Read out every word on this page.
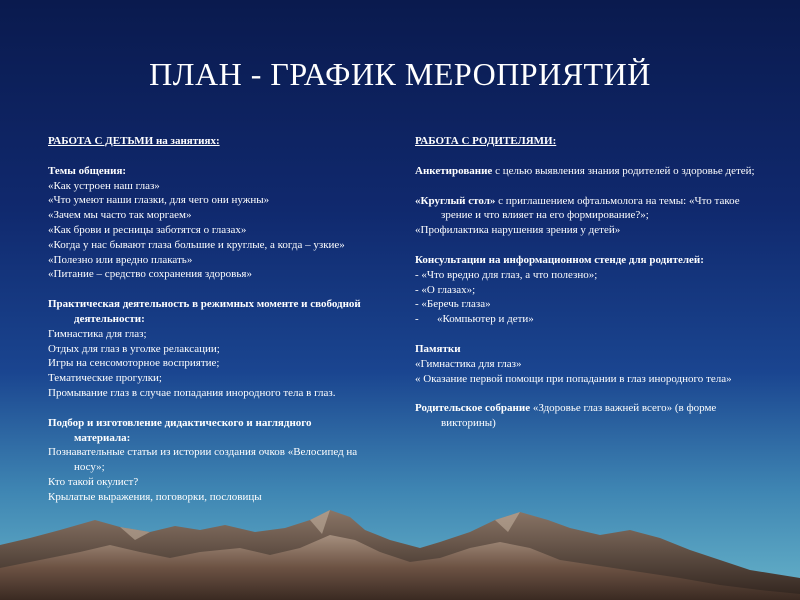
ПЛАН - ГРАФИК МЕРОПРИЯТИЙ

РАБОТА С ДЕТЬМИ на занятиях:

Темы общения:

«Как устроен наш глаз»

«Что умеют наши глазки, для чего они нужны»

«Зачем мы часто так моргаем»

«Как брови и ресницы заботятся о глазах»

«Когда у нас бывают глаза большие и круглые, а когда – узкие»

«Полезно или вредно плакать»

«Питание – средство сохранения здоровья»

Практическая деятельность в режимных моменте и свободной деятельности:

Гимнастика для глаз;

Отдых для глаз в уголке релаксации;

Игры на сенсомоторное восприятие;

Тематические прогулки;

Промывание глаз в случае попадания инородного тела в глаз.

Подбор и изготовление дидактического и наглядного материала:

Познавательные статьи из истории создания очков «Велосипед на носу»;

Кто такой окулист?

Крылатые выражения, поговорки, пословицы

РАБОТА С РОДИТЕЛЯМИ:

Анкетирование с целью выявления знания родителей о здоровье детей;

«Круглый стол» с приглашением офтальмолога на темы: «Что такое зрение и что влияет на его формирование?»;

«Профилактика нарушения зрения у детей»

Консультации на информационном стенде для родителей:

- «Что вредно для глаз, а что полезно»;

- «О глазах»;

- «Беречь глаза»

-	«Компьютер и дети»

Памятки

«Гимнастика для глаз»

« Оказание первой помощи при попадании в глаз инородного тела»

Родительское собрание «Здоровье глаз важней всего» (в форме викторины)
